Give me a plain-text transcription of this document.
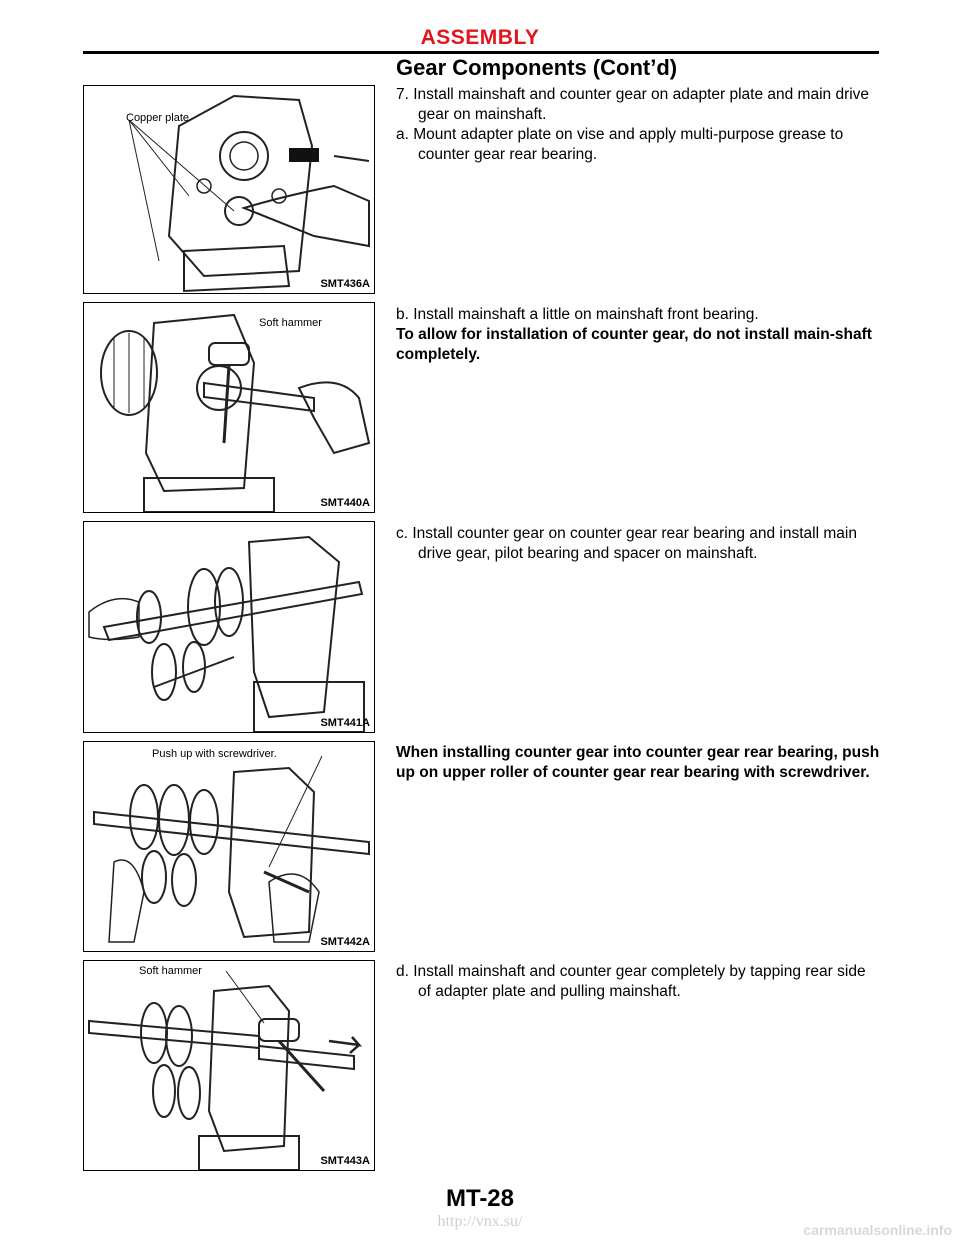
ASSEMBLY
Gear Components (Cont’d)
Copper plate
SMT436A
Soft hammer
SMT440A
SMT441A
Push up with screwdriver.
SMT442A
Soft hammer
SMT443A

7. Install mainshaft and counter gear on adapter plate and main drive gear on mainshaft.

a. Mount adapter plate on vise and apply multi-purpose grease to counter gear rear bearing.

b. Install mainshaft a little on mainshaft front bearing.

To allow for installation of counter gear, do not install main-shaft completely.

c. Install counter gear on counter gear rear bearing and install main drive gear, pilot bearing and spacer on mainshaft.

When installing counter gear into counter gear rear bearing, push up on upper roller of counter gear rear bearing with screwdriver.

d. Install mainshaft and counter gear completely by tapping rear side of adapter plate and pulling mainshaft.

MT-28
http://vnx.su/	carmanualsonline.info
